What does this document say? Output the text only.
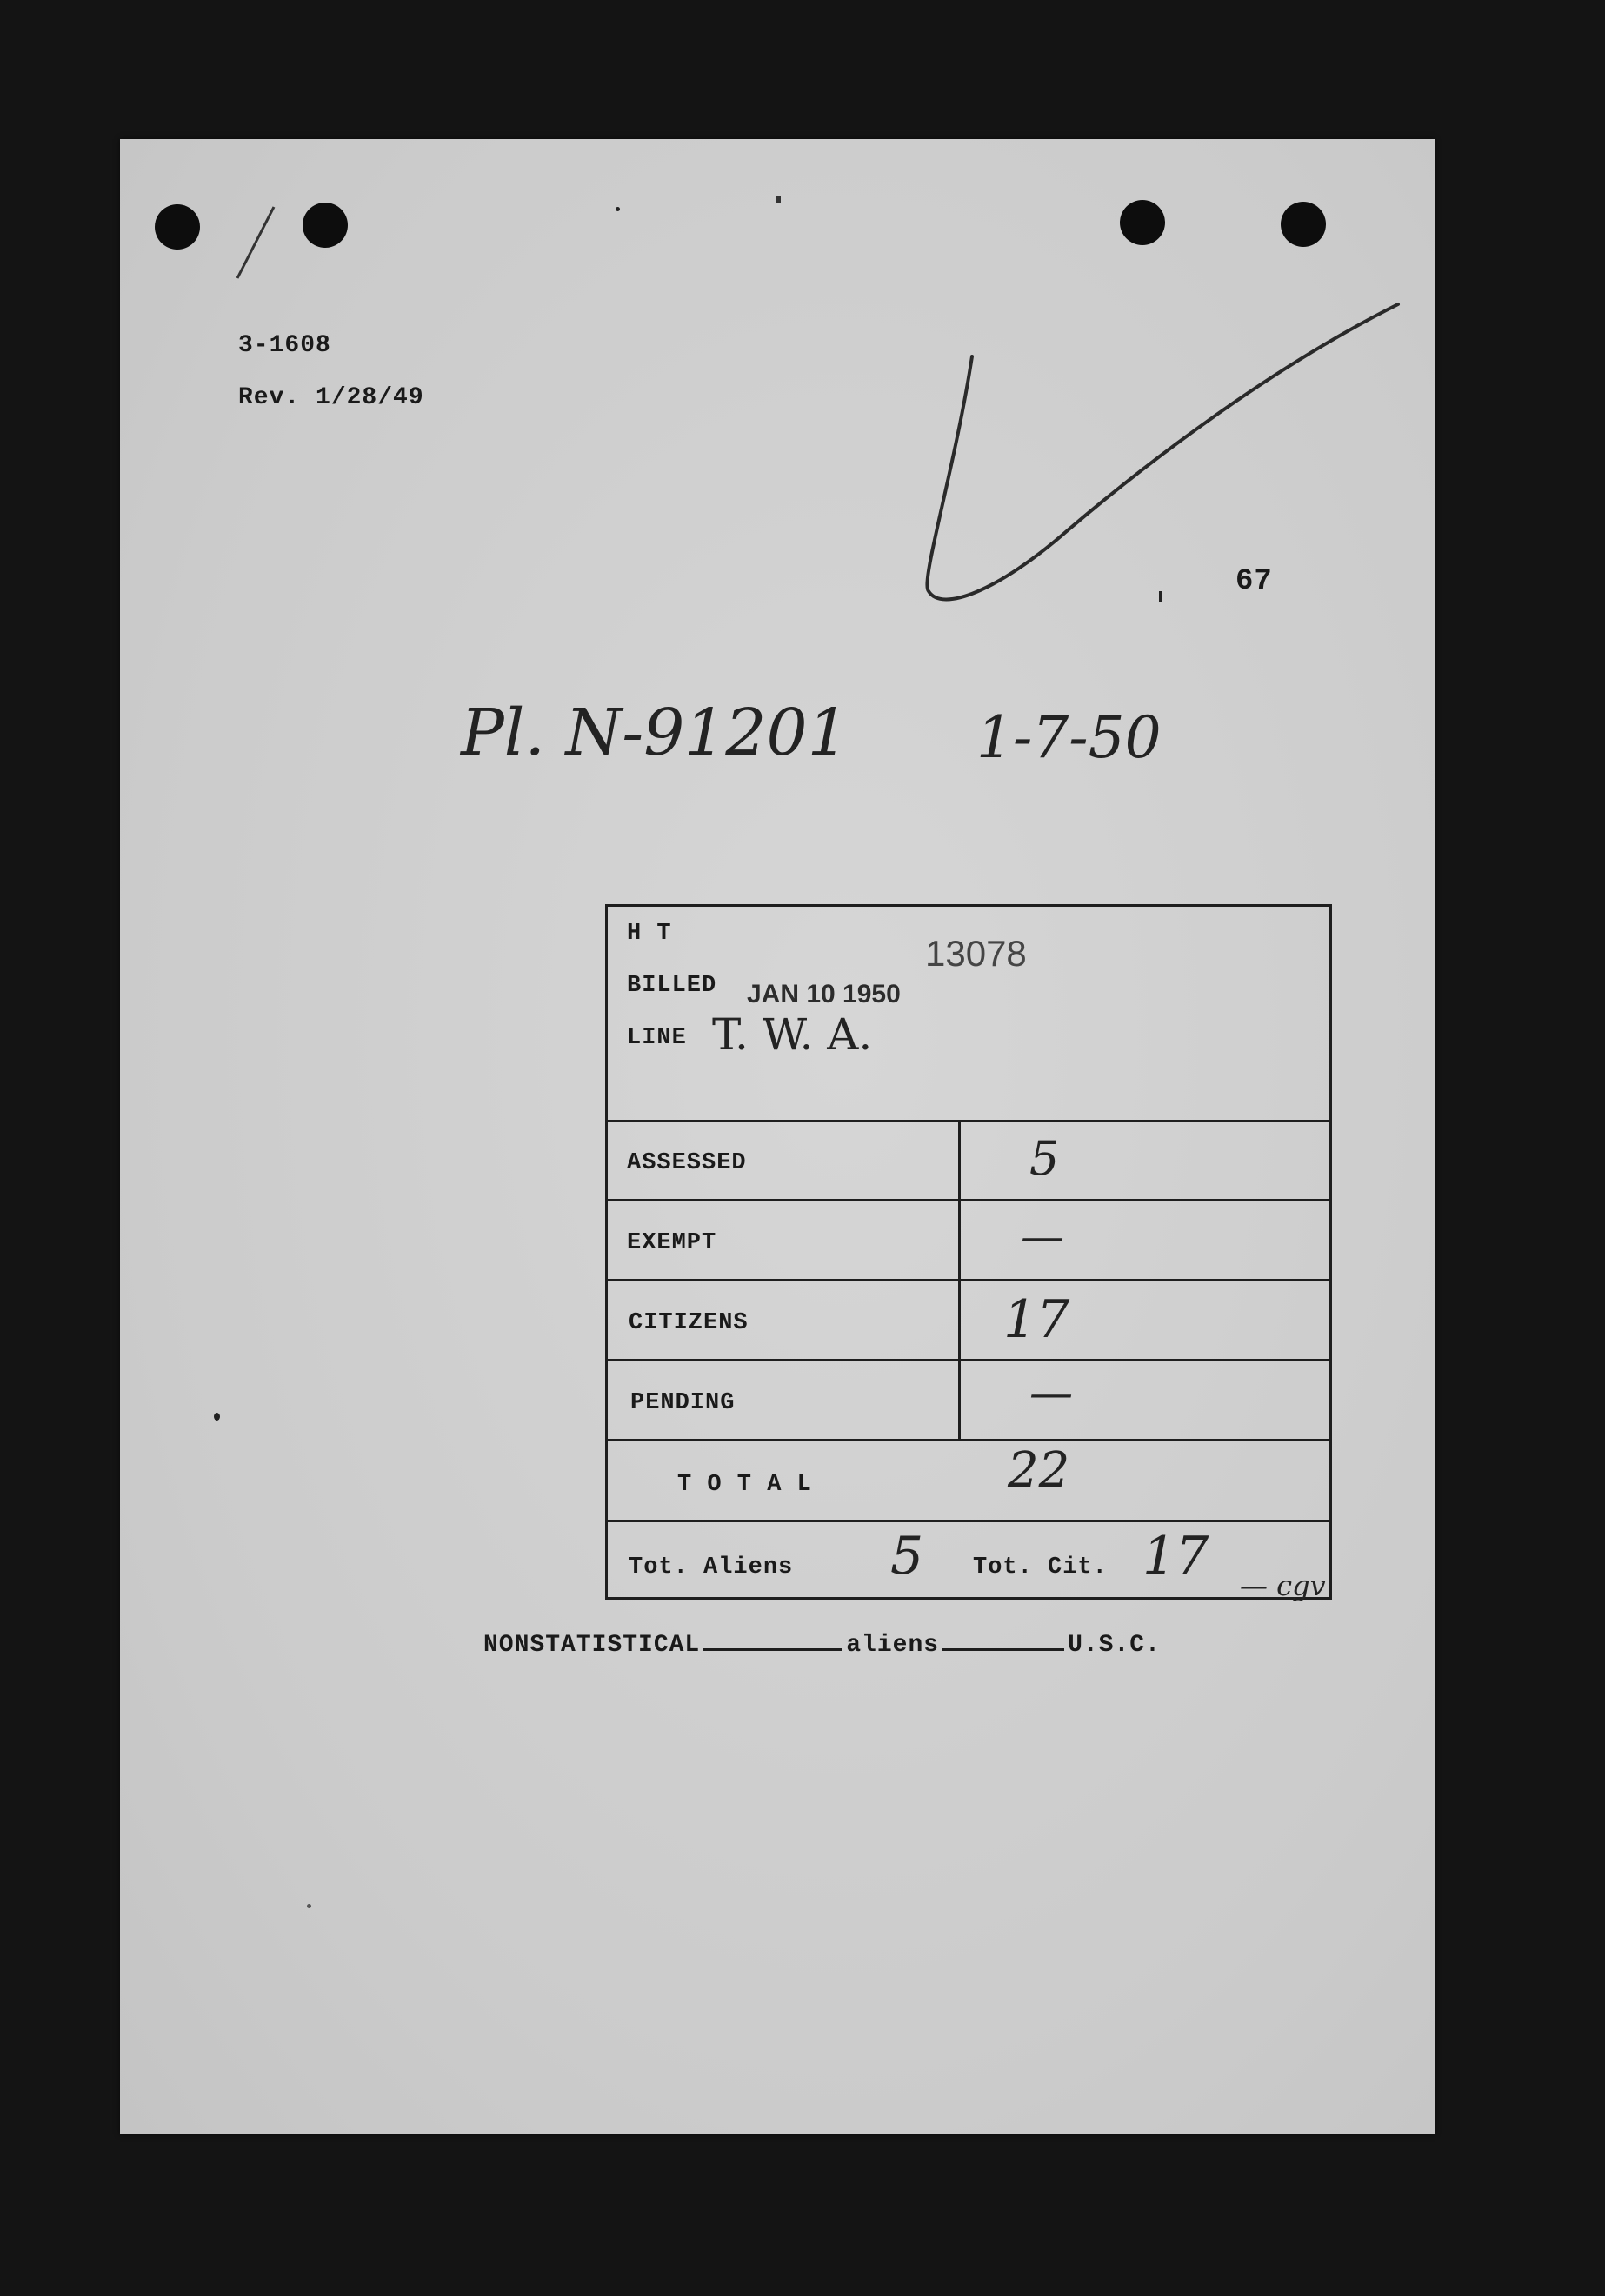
3-1608
Rev. 1/28/49
67
Pl. N-91201 1-7-50
H T	13078
BILLED JAN 10 1950
LINE T. W. A.
ASSESSED	5
EXEMPT	—
CITIZENS	17
PENDING	—
T O T A L	22
Tot. Aliens 5 Tot. Cit. 17 — cgv
NONSTATISTICAL	aliens	U.S.C.
